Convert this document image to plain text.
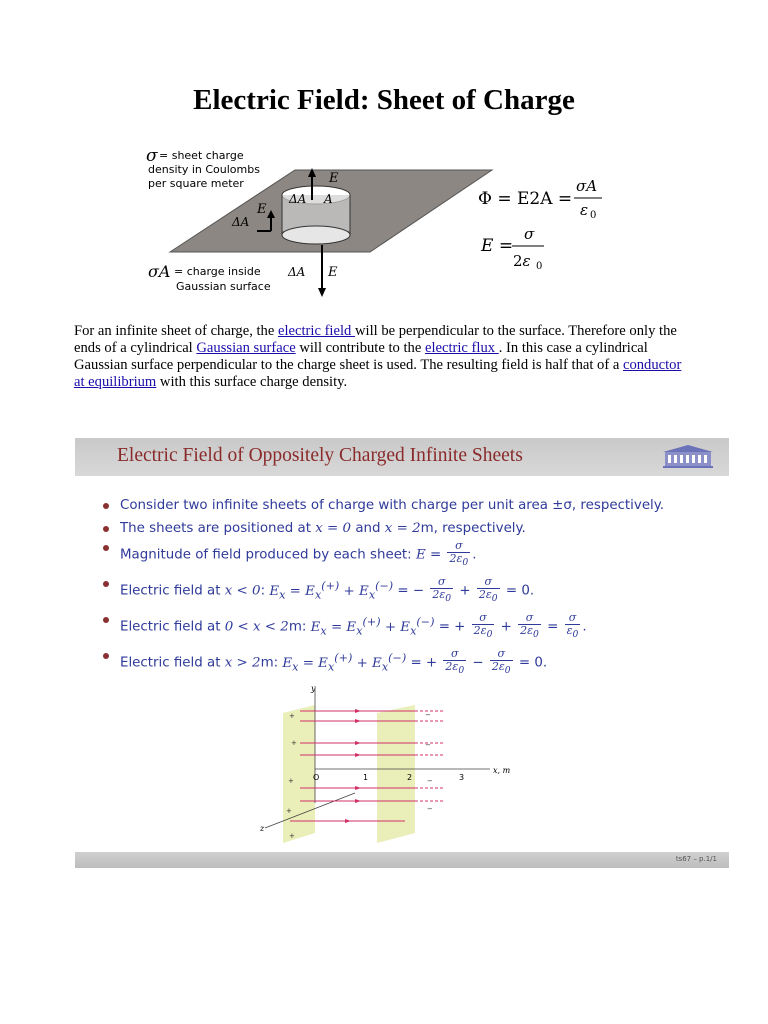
Electric Field: Sheet of Charge
σ = sheet charge
density in Coulombs
per square meter
σA = charge inside
Gaussian surface
E
E
ΔA
ΔA A
ΔA E
Φ = E2A =
σA
ε 0
E =
σ
2ε 0
For an infinite sheet of charge, the electric field will be perpendicular to the surface. Therefore only the ends of a cylindrical Gaussian surface will contribute to the electric flux . In this case a cylindrical Gaussian surface perpendicular to the charge sheet is used. The resulting field is half that of a conductor at equilibrium with this surface charge density.
Electric Field of Oppositely Charged Infinite Sheets
Consider two infinite sheets of charge with charge per unit area ±σ, respectively.
The sheets are positioned at x = 0 and x = 2m, respectively.
Magnitude of field produced by each sheet: $E = \frac{\sigma}{2\varepsilon_0}$ .
Electric field at x < 0: $E_x = E_x^{(+)} + E_x^{(-)}$ = − $\frac{\sigma}{2\varepsilon_0} + \frac{\sigma}{2\varepsilon_0} = 0$.
Electric field at 0 < x < 2m: $E_x = E_x^{(+)} + E_x^{(-)}$ = + $\frac{\sigma}{2\varepsilon_0} + \frac{\sigma}{2\varepsilon_0} = \frac{\sigma}{\varepsilon_0}$ .
Electric field at x > 2m: $E_x = E_x^{(+)} + E_x^{(-)}$ = + $\frac{\sigma}{2\varepsilon_0} - \frac{\sigma}{2\varepsilon_0} = 0$.
y
z
x, m
O	1	2	3
+
+
+
+
+
−
−
−
−
ts67 – p.1/1
